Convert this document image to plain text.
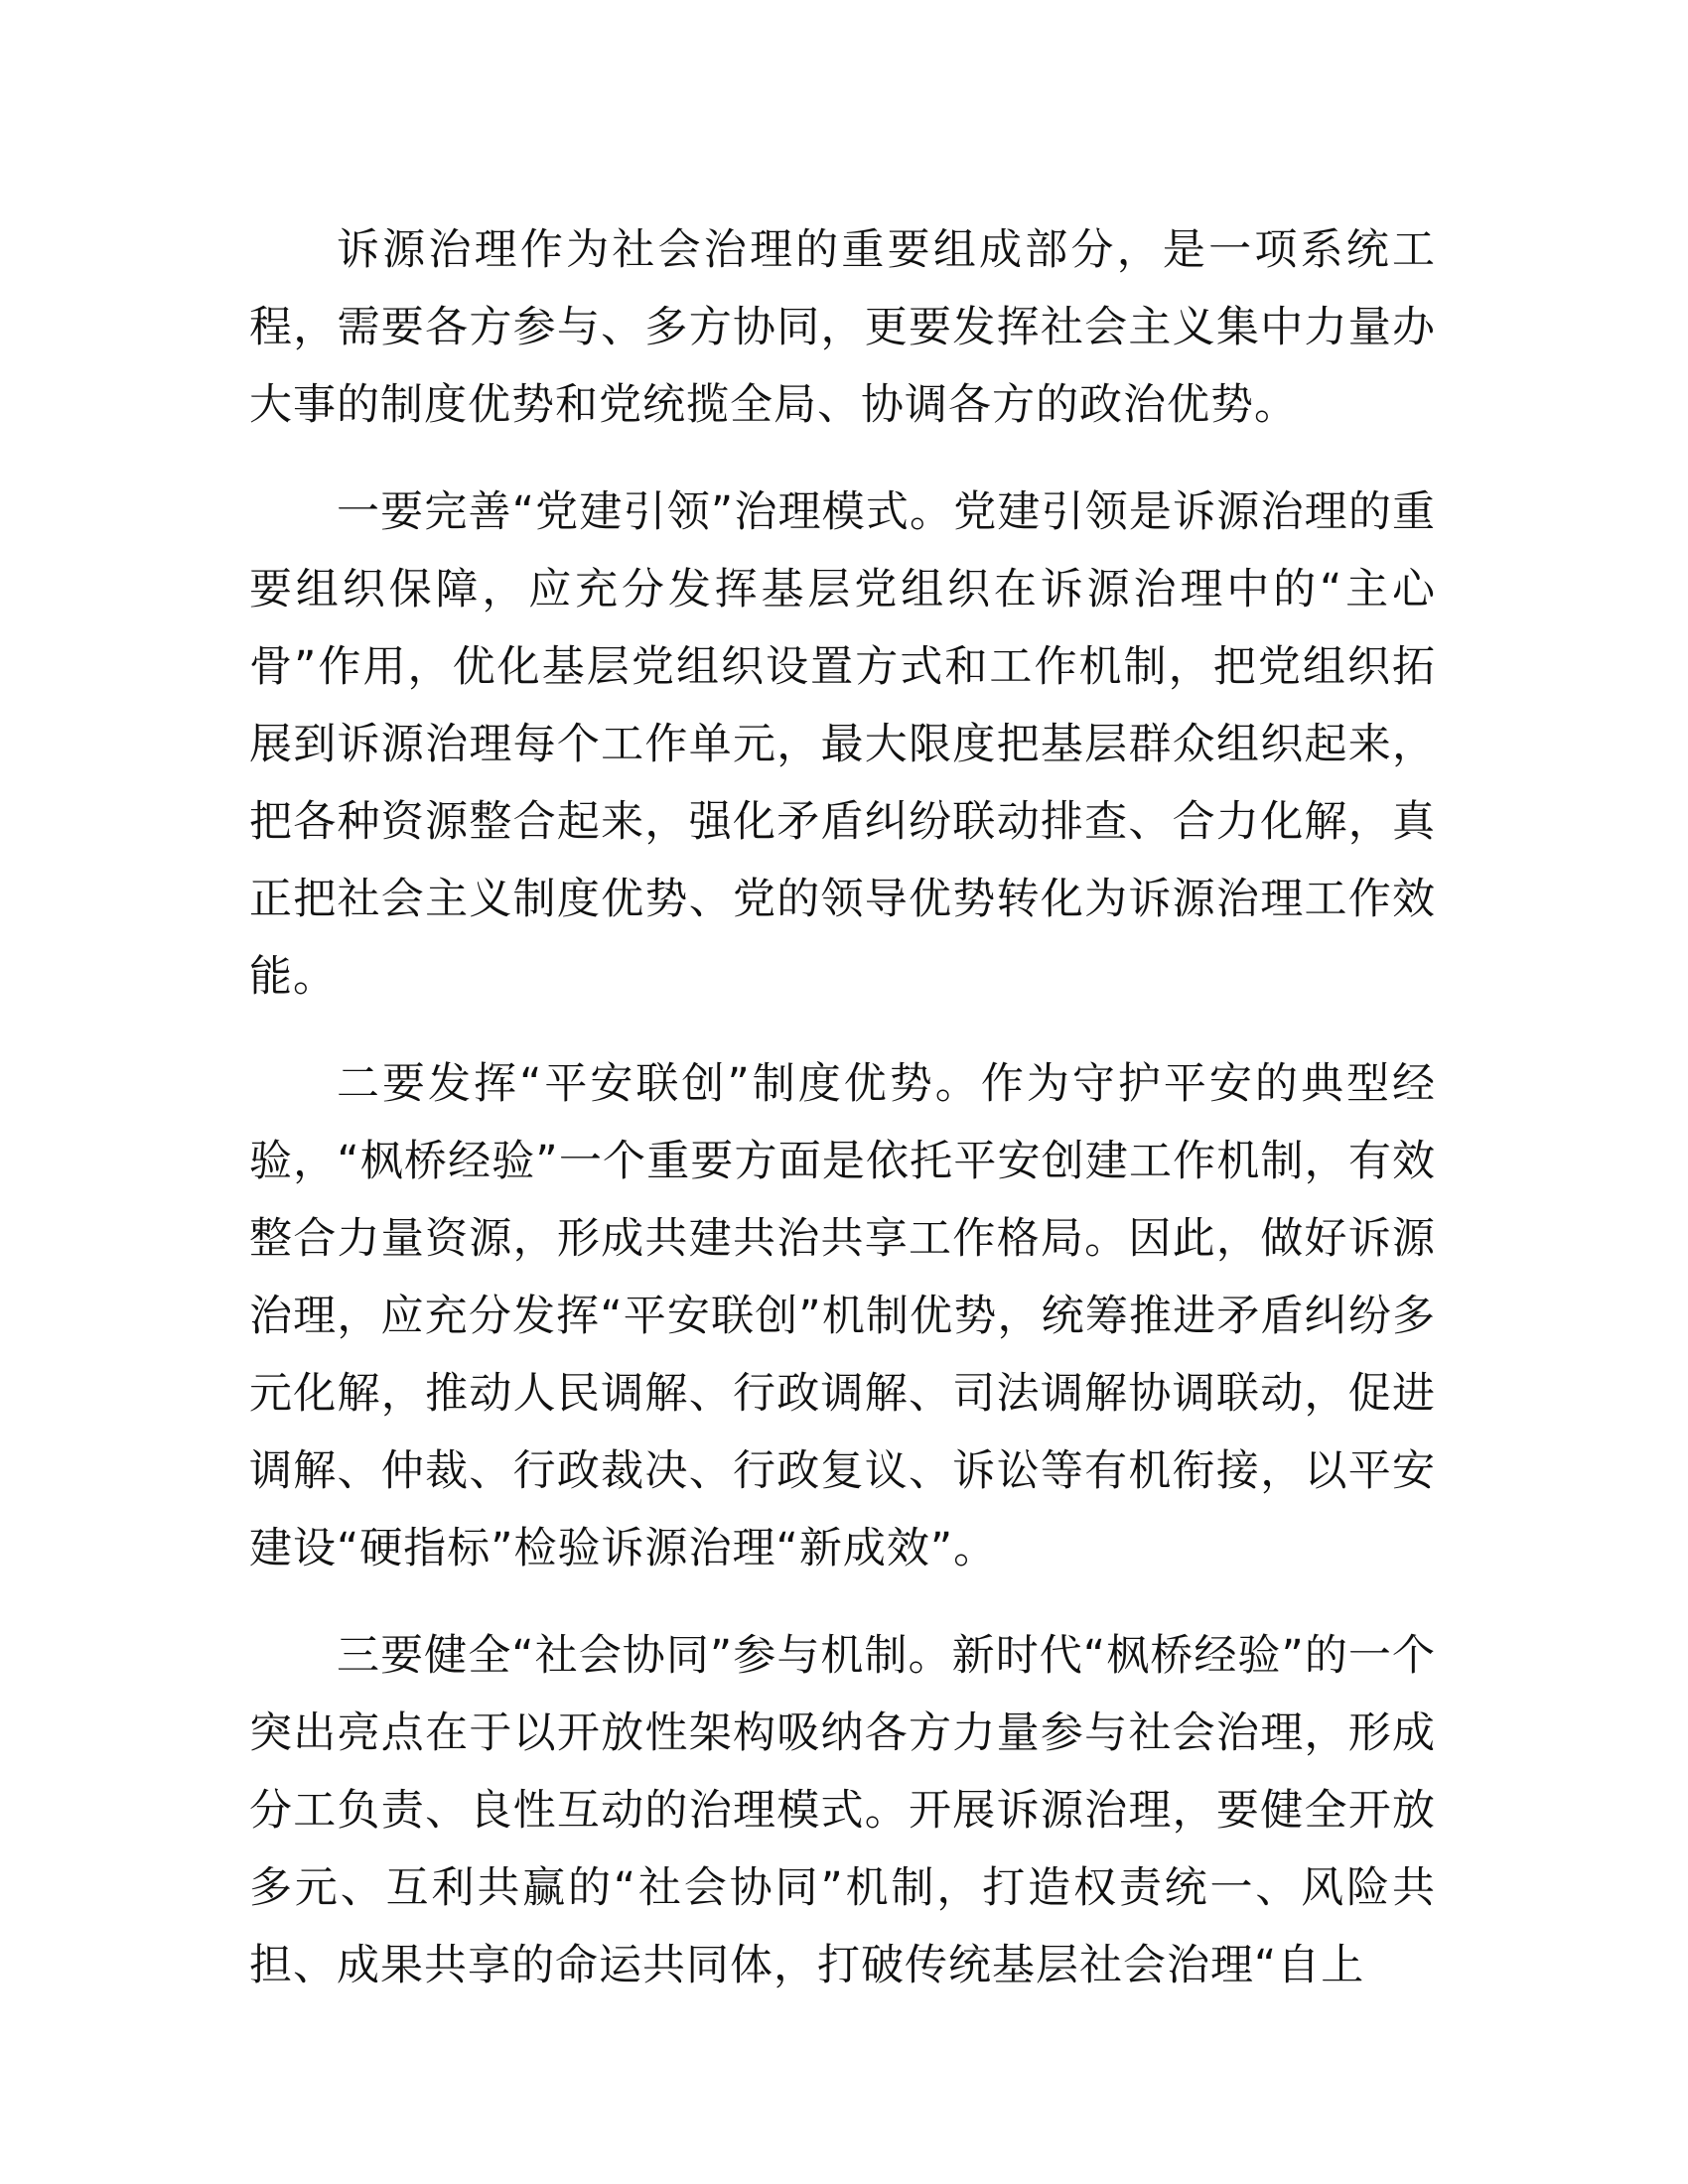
诉源治理作为社会治理的重要组成部分，是一项系统工程，需要各方参与、多方协同，更要发挥社会主义集中力量办大事的制度优势和党统揽全局、协调各方的政治优势。

一要完善“党建引领”治理模式。党建引领是诉源治理的重要组织保障，应充分发挥基层党组织在诉源治理中的“主心骨”作用，优化基层党组织设置方式和工作机制，把党组织拓展到诉源治理每个工作单元，最大限度把基层群众组织起来，把各种资源整合起来，强化矛盾纠纷联动排查、合力化解，真正把社会主义制度优势、党的领导优势转化为诉源治理工作效能。

二要发挥“平安联创”制度优势。作为守护平安的典型经验，“枫桥经验”一个重要方面是依托平安创建工作机制，有效整合力量资源，形成共建共治共享工作格局。因此，做好诉源治理，应充分发挥“平安联创”机制优势，统筹推进矛盾纠纷多元化解，推动人民调解、行政调解、司法调解协调联动，促进调解、仲裁、行政裁决、行政复议、诉讼等有机衔接，以平安建设“硬指标”检验诉源治理“新成效”。

三要健全“社会协同”参与机制。新时代“枫桥经验”的一个突出亮点在于以开放性架构吸纳各方力量参与社会治理，形成分工负责、良性互动的治理模式。开展诉源治理，要健全开放多元、互利共赢的“社会协同”机制，打造权责统一、风险共担、成果共享的命运共同体，打破传统基层社会治理“自上
